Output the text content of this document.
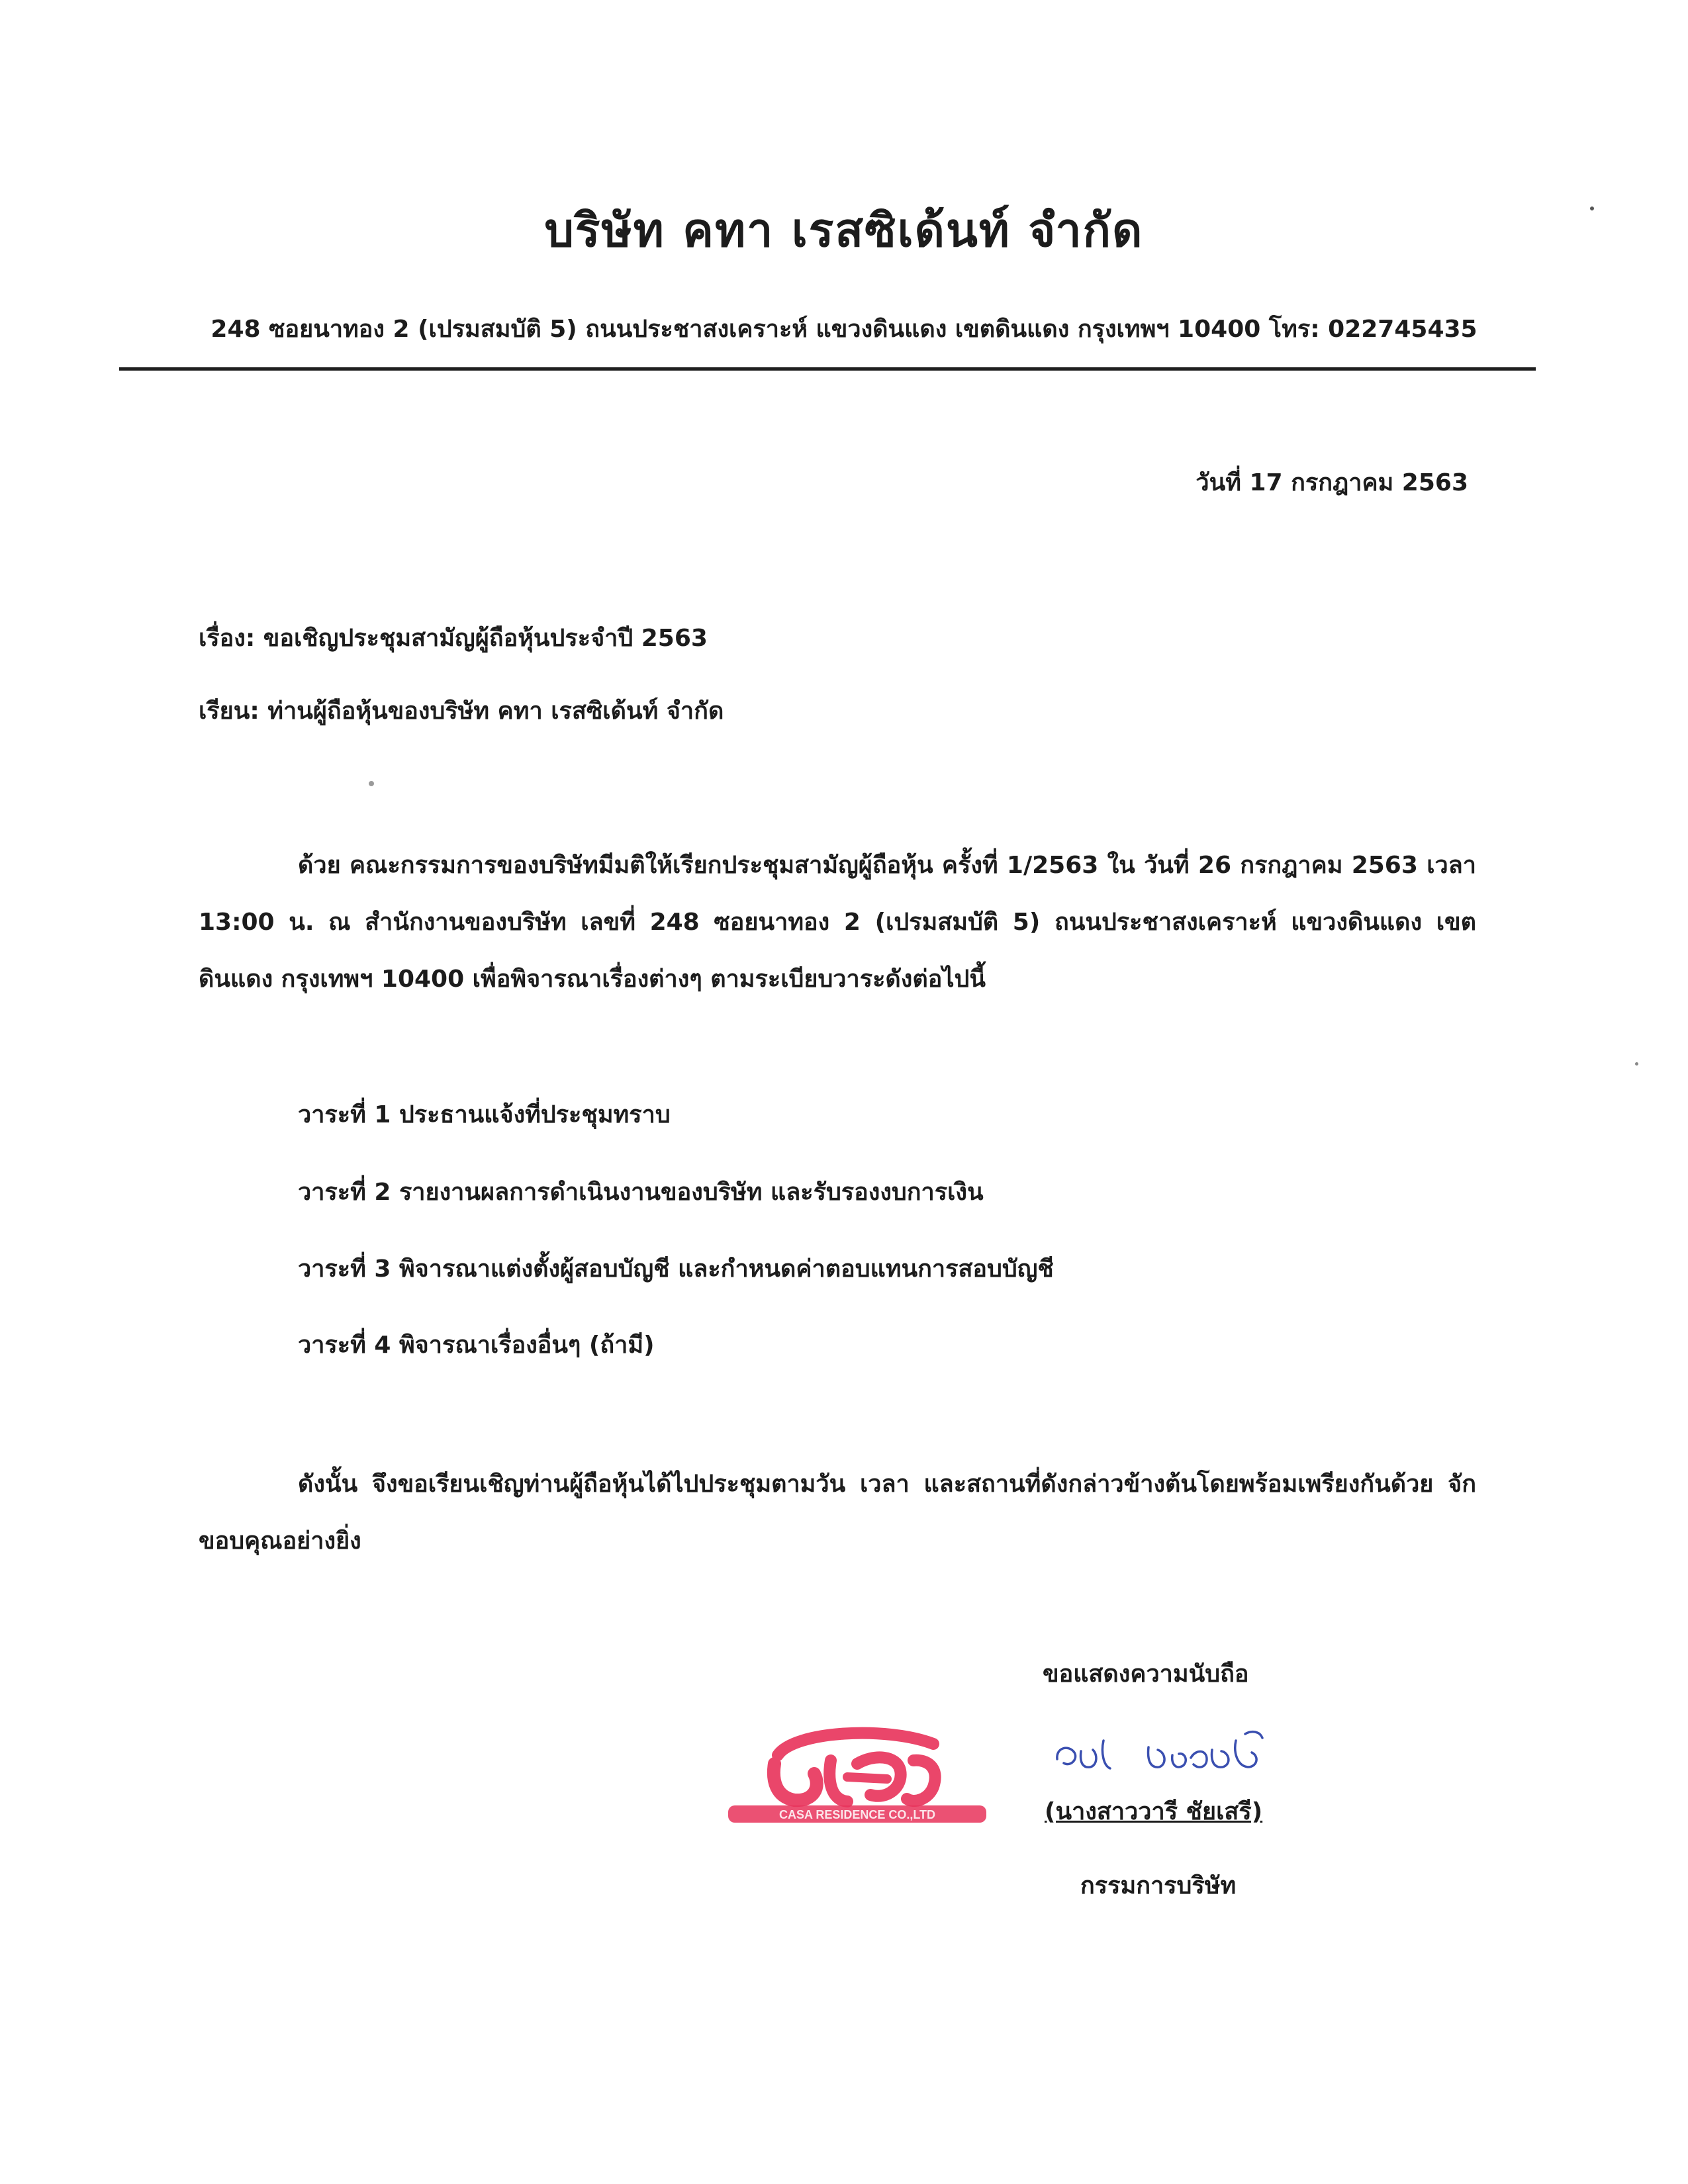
บริษัท คทา เรสซิเด้นท์ จำกัด
248 ซอยนาทอง 2 (เปรมสมบัติ 5) ถนนประชาสงเคราะห์ แขวงดินแดง เขตดินแดง กรุงเทพฯ 10400 โทร: 022745435
วันที่ 17 กรกฎาคม 2563
เรื่อง: ขอเชิญประชุมสามัญผู้ถือหุ้นประจำปี 2563
เรียน: ท่านผู้ถือหุ้นของบริษัท คทา เรสซิเด้นท์ จำกัด
ด้วย คณะกรรมการของบริษัทมีมติให้เรียกประชุมสามัญผู้ถือหุ้น ครั้งที่ 1/2563 ใน วันที่ 26 กรกฎาคม 2563 เวลา 13:00 น. ณ สำนักงานของบริษัท เลขที่ 248 ซอยนาทอง 2 (เปรมสมบัติ 5) ถนนประชาสงเคราะห์ แขวงดินแดง เขตดินแดง กรุงเทพฯ 10400 เพื่อพิจารณาเรื่องต่างๆ ตามระเบียบวาระดังต่อไปนี้
วาระที่ 1 ประธานแจ้งที่ประชุมทราบ
วาระที่ 2 รายงานผลการดำเนินงานของบริษัท และรับรองงบการเงิน
วาระที่ 3 พิจารณาแต่งตั้งผู้สอบบัญชี และกำหนดค่าตอบแทนการสอบบัญชี
วาระที่ 4 พิจารณาเรื่องอื่นๆ (ถ้ามี)
ดังนั้น จึงขอเรียนเชิญท่านผู้ถือหุ้นได้ไปประชุมตามวัน เวลา และสถานที่ดังกล่าวข้างต้นโดยพร้อมเพรียงกันด้วย จักขอบคุณอย่างยิ่ง
ขอแสดงความนับถือ
CASA RESIDENCE CO.,LTD	(นางสาววารี ชัยเสรี)
กรรมการบริษัท
